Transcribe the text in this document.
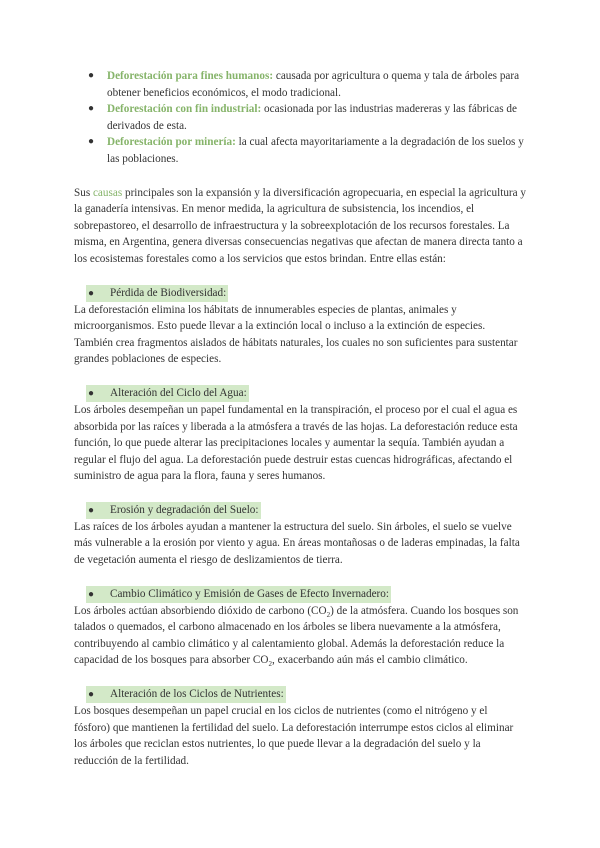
● Deforestación para fines humanos: causada por agricultura o quema y tala de árboles para obtener beneficios económicos, el modo tradicional.
● Deforestación con fin industrial: ocasionada por las industrias madereras y las fábricas de derivados de esta.
● Deforestación por minería: la cual afecta mayoritariamente a la degradación de los suelos y las poblaciones.

Sus causas principales son la expansión y la diversificación agropecuaria, en especial la agricultura y la ganadería intensivas. En menor medida, la agricultura de subsistencia, los incendios, el sobrepastoreo, el desarrollo de infraestructura y la sobreexplotación de los recursos forestales. La misma, en Argentina, genera diversas consecuencias negativas que afectan de manera directa tanto a los ecosistemas forestales como a los servicios que estos brindan. Entre ellas están:

● Pérdida de Biodiversidad:

La deforestación elimina los hábitats de innumerables especies de plantas, animales y microorganismos. Esto puede llevar a la extinción local o incluso a la extinción de especies. También crea fragmentos aislados de hábitats naturales, los cuales no son suficientes para sustentar grandes poblaciones de especies.

● Alteración del Ciclo del Agua:

Los árboles desempeñan un papel fundamental en la transpiración, el proceso por el cual el agua es absorbida por las raíces y liberada a la atmósfera a través de las hojas. La deforestación reduce esta función, lo que puede alterar las precipitaciones locales y aumentar la sequía. También ayudan a regular el flujo del agua. La deforestación puede destruir estas cuencas hidrográficas, afectando el suministro de agua para la flora, fauna y seres humanos.

● Erosión y degradación del Suelo:

Las raíces de los árboles ayudan a mantener la estructura del suelo. Sin árboles, el suelo se vuelve más vulnerable a la erosión por viento y agua. En áreas montañosas o de laderas empinadas, la falta de vegetación aumenta el riesgo de deslizamientos de tierra.

● Cambio Climático y Emisión de Gases de Efecto Invernadero:

Los árboles actúan absorbiendo dióxido de carbono $(CO_2)$ de la atmósfera. Cuando los bosques son talados o quemados, el carbono almacenado en los árboles se libera nuevamente a la atmósfera, contribuyendo al cambio climático y al calentamiento global. Además la deforestación reduce la capacidad de los bosques para absorber $CO_2$, exacerbando aún más el cambio climático.

● Alteración de los Ciclos de Nutrientes:

Los bosques desempeñan un papel crucial en los ciclos de nutrientes (como el nitrógeno y el fósforo) que mantienen la fertilidad del suelo. La deforestación interrumpe estos ciclos al eliminar los árboles que reciclan estos nutrientes, lo que puede llevar a la degradación del suelo y la reducción de la fertilidad.
